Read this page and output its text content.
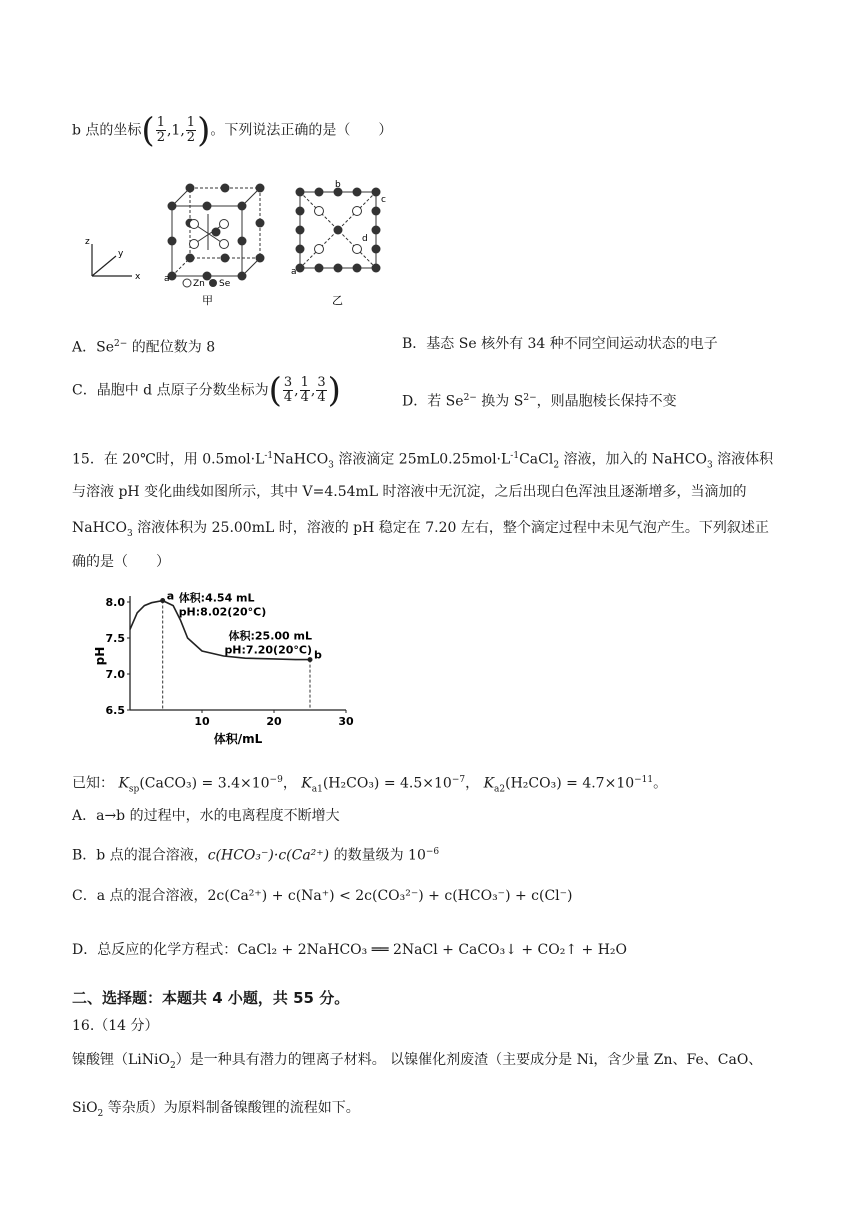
b 点的坐标( $\frac{1}{2} ,1$, $\frac{1}{2}$ )。下列说法正确的是（　　）
x
y
z
a	Zn Se
甲
b
c
d
a
乙
A．$Se^{2-}$ 的配位数为 8	B．基态 Se 核外有 34 种不同空间运动状态的电子
C．晶胞中 d 点原子分数坐标为( $\frac{3}{4}$ , $\frac{1}{4}$ , $\frac{3}{4}$ )	D．若 $Se^{2-}$ 换为 $S^{2-}$，则晶胞棱长保持不变
15．在 20℃时，用 $0.5mol\cdot L^{-1}NaHCO_3$ 溶液滴定 $25mL0.25mol\cdot L^{-1}CaCl_2$ 溶液，加入的 NaHCO$_3$ 溶液体积
与溶液 pH 变化曲线如图所示，其中 V=4.54mL 时溶液中无沉淀，之后出现白色浑浊且逐渐增多，当滴加的
NaHCO$_3$ 溶液体积为 25.00mL 时，溶液的 pH 稳定在 7.20 左右，整个滴定过程中未见气泡产生。下列叙述正
确的是（　　）
8.0
7.5
7.0
6.5
10	20	30
体积/mL
pH
a 体积:4.54 mL
pH:8.02(20°C)
b
体积:25.00 mL
pH:7.20(20°C)
已知： $K_{sp}(CaCO_3) = 3.4\times 10^{-9}$， $K_{a1}(H_2CO_3) = 4.5\times 10^{-7}$， $K_{a2}(H_2CO_3) = 4.7\times 10^{-11}$。
A．a→b 的过程中，水的电离程度不断增大
B．b 点的混合溶液，c(HCO₃⁻)·c(Ca²⁺) 的数量级为 $10^{-6}$
C．a 点的混合溶液，2c(Ca²⁺) + c(Na⁺) < 2c(CO₃²⁻) + c(HCO₃⁻) + c(Cl⁻)
D．总反应的化学方程式：CaCl₂ + 2NaHCO₃ ══ 2NaCl + CaCO₃↓ + CO₂↑ + H₂O
二、选择题：本题共 4 小题，共 55 分。
16.（14 分）
镍酸锂（LiNiO$_2$）是一种具有潜力的锂离子材料。 以镍催化剂废渣（主要成分是 Ni，含少量 Zn、Fe、CaO、
SiO$_2$ 等杂质）为原料制备镍酸锂的流程如下。
